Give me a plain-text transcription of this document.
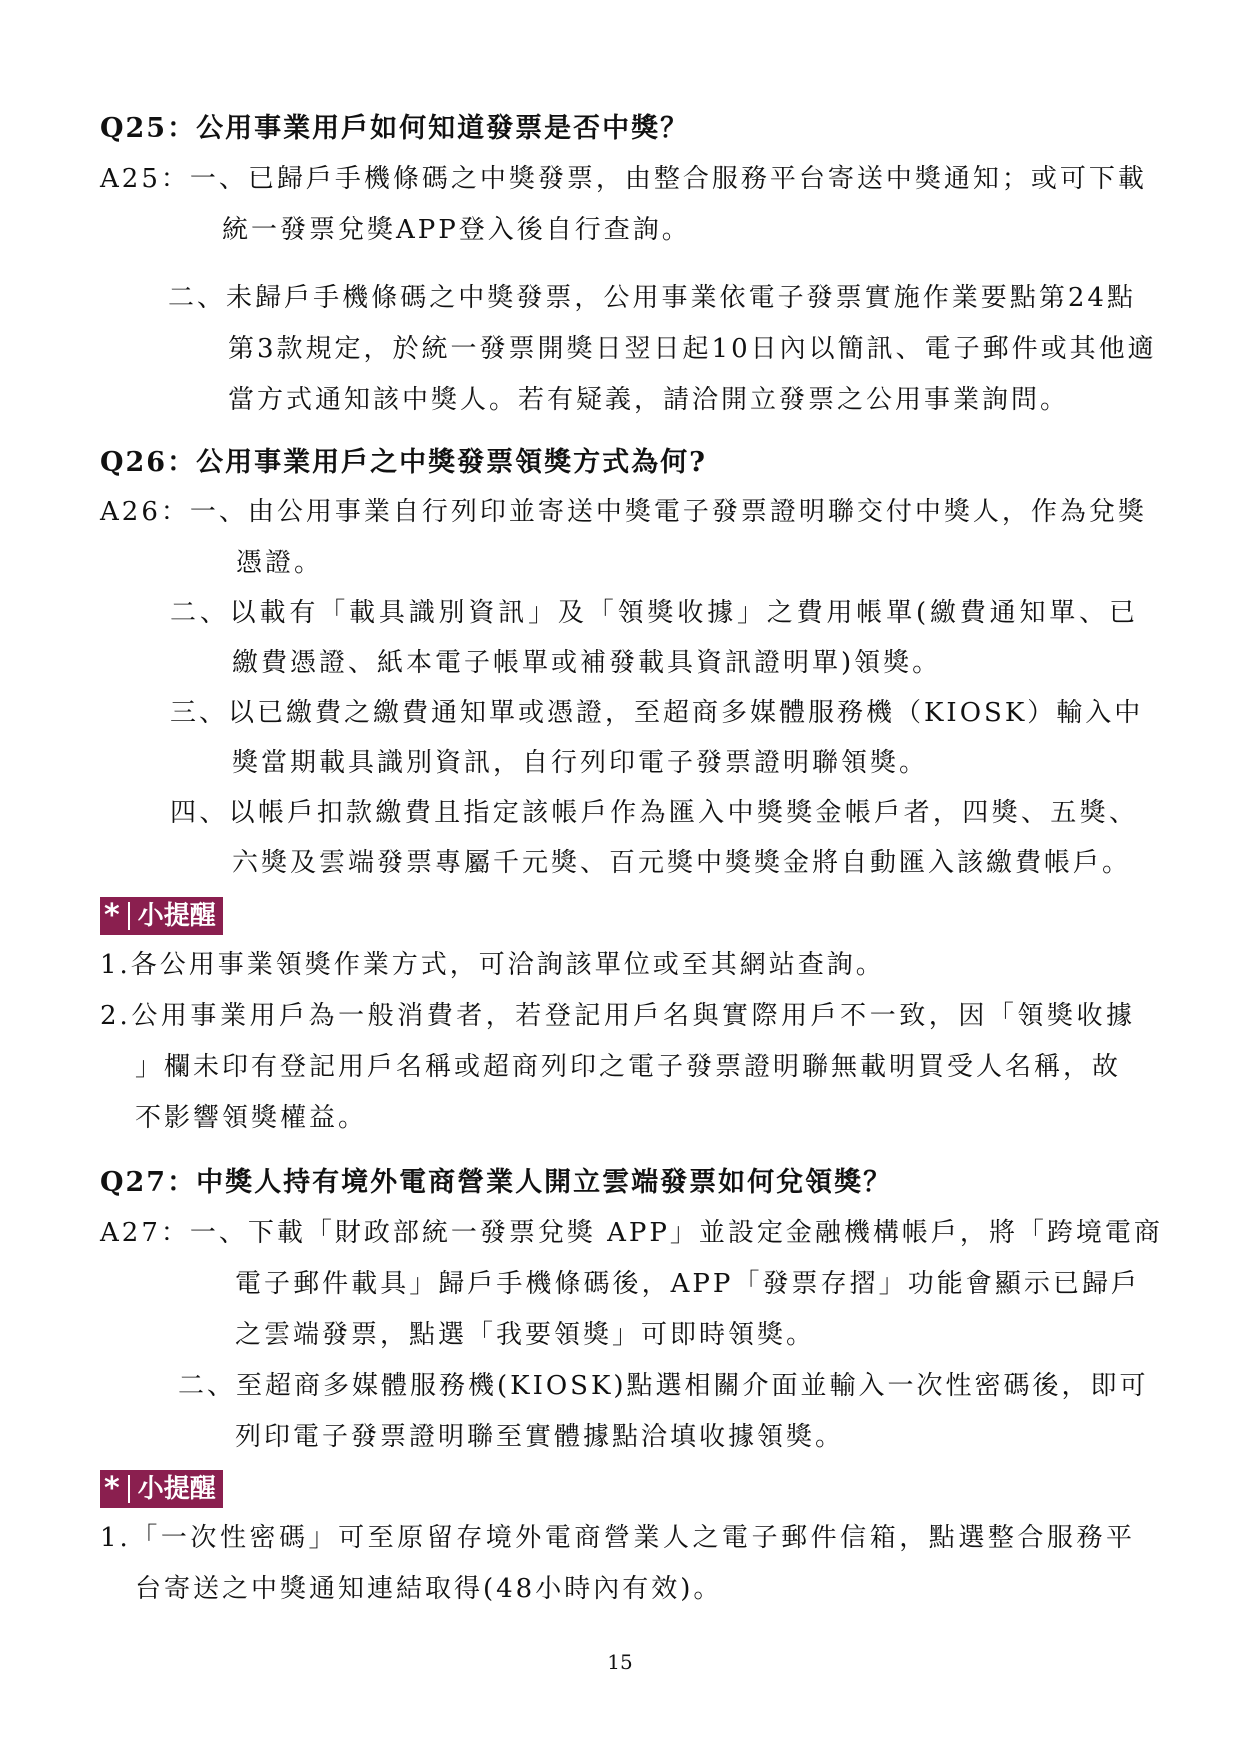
Q25：公用事業用戶如何知道發票是否中獎？
A25：一、已歸戶手機條碼之中獎發票，由整合服務平台寄送中獎通知；或可下載
統一發票兌獎APP登入後自行查詢。
二、未歸戶手機條碼之中獎發票，公用事業依電子發票實施作業要點第24點
第3款規定，於統一發票開獎日翌日起10日內以簡訊、電子郵件或其他適
當方式通知該中獎人。若有疑義，請洽開立發票之公用事業詢問。
Q26：公用事業用戶之中獎發票領獎方式為何?
A26：一、由公用事業自行列印並寄送中獎電子發票證明聯交付中獎人，作為兌獎
憑證。
二、以載有「載具識別資訊」及「領獎收據」之費用帳單(繳費通知單、已
繳費憑證、紙本電子帳單或補發載具資訊證明單)領獎。
三、以已繳費之繳費通知單或憑證，至超商多媒體服務機（KIOSK）輸入中
獎當期載具識別資訊，自行列印電子發票證明聯領獎。
四、以帳戶扣款繳費且指定該帳戶作為匯入中獎獎金帳戶者，四獎、五獎、
六獎及雲端發票專屬千元獎、百元獎中獎獎金將自動匯入該繳費帳戶。
* 小提醒
1.各公用事業領獎作業方式，可洽詢該單位或至其網站查詢。
2.公用事業用戶為一般消費者，若登記用戶名與實際用戶不一致，因「領獎收據
」欄未印有登記用戶名稱或超商列印之電子發票證明聯無載明買受人名稱，故
不影響領獎權益。
Q27：中獎人持有境外電商營業人開立雲端發票如何兌領獎？
A27：一、下載「財政部統一發票兌獎 APP」並設定金融機構帳戶，將「跨境電商
電子郵件載具」歸戶手機條碼後，APP「發票存摺」功能會顯示已歸戶
之雲端發票，點選「我要領獎」可即時領獎。
二、至超商多媒體服務機(KIOSK)點選相關介面並輸入一次性密碼後，即可
列印電子發票證明聯至實體據點洽填收據領獎。
* 小提醒
1.「一次性密碼」可至原留存境外電商營業人之電子郵件信箱，點選整合服務平
台寄送之中獎通知連結取得(48小時內有效)。
15
